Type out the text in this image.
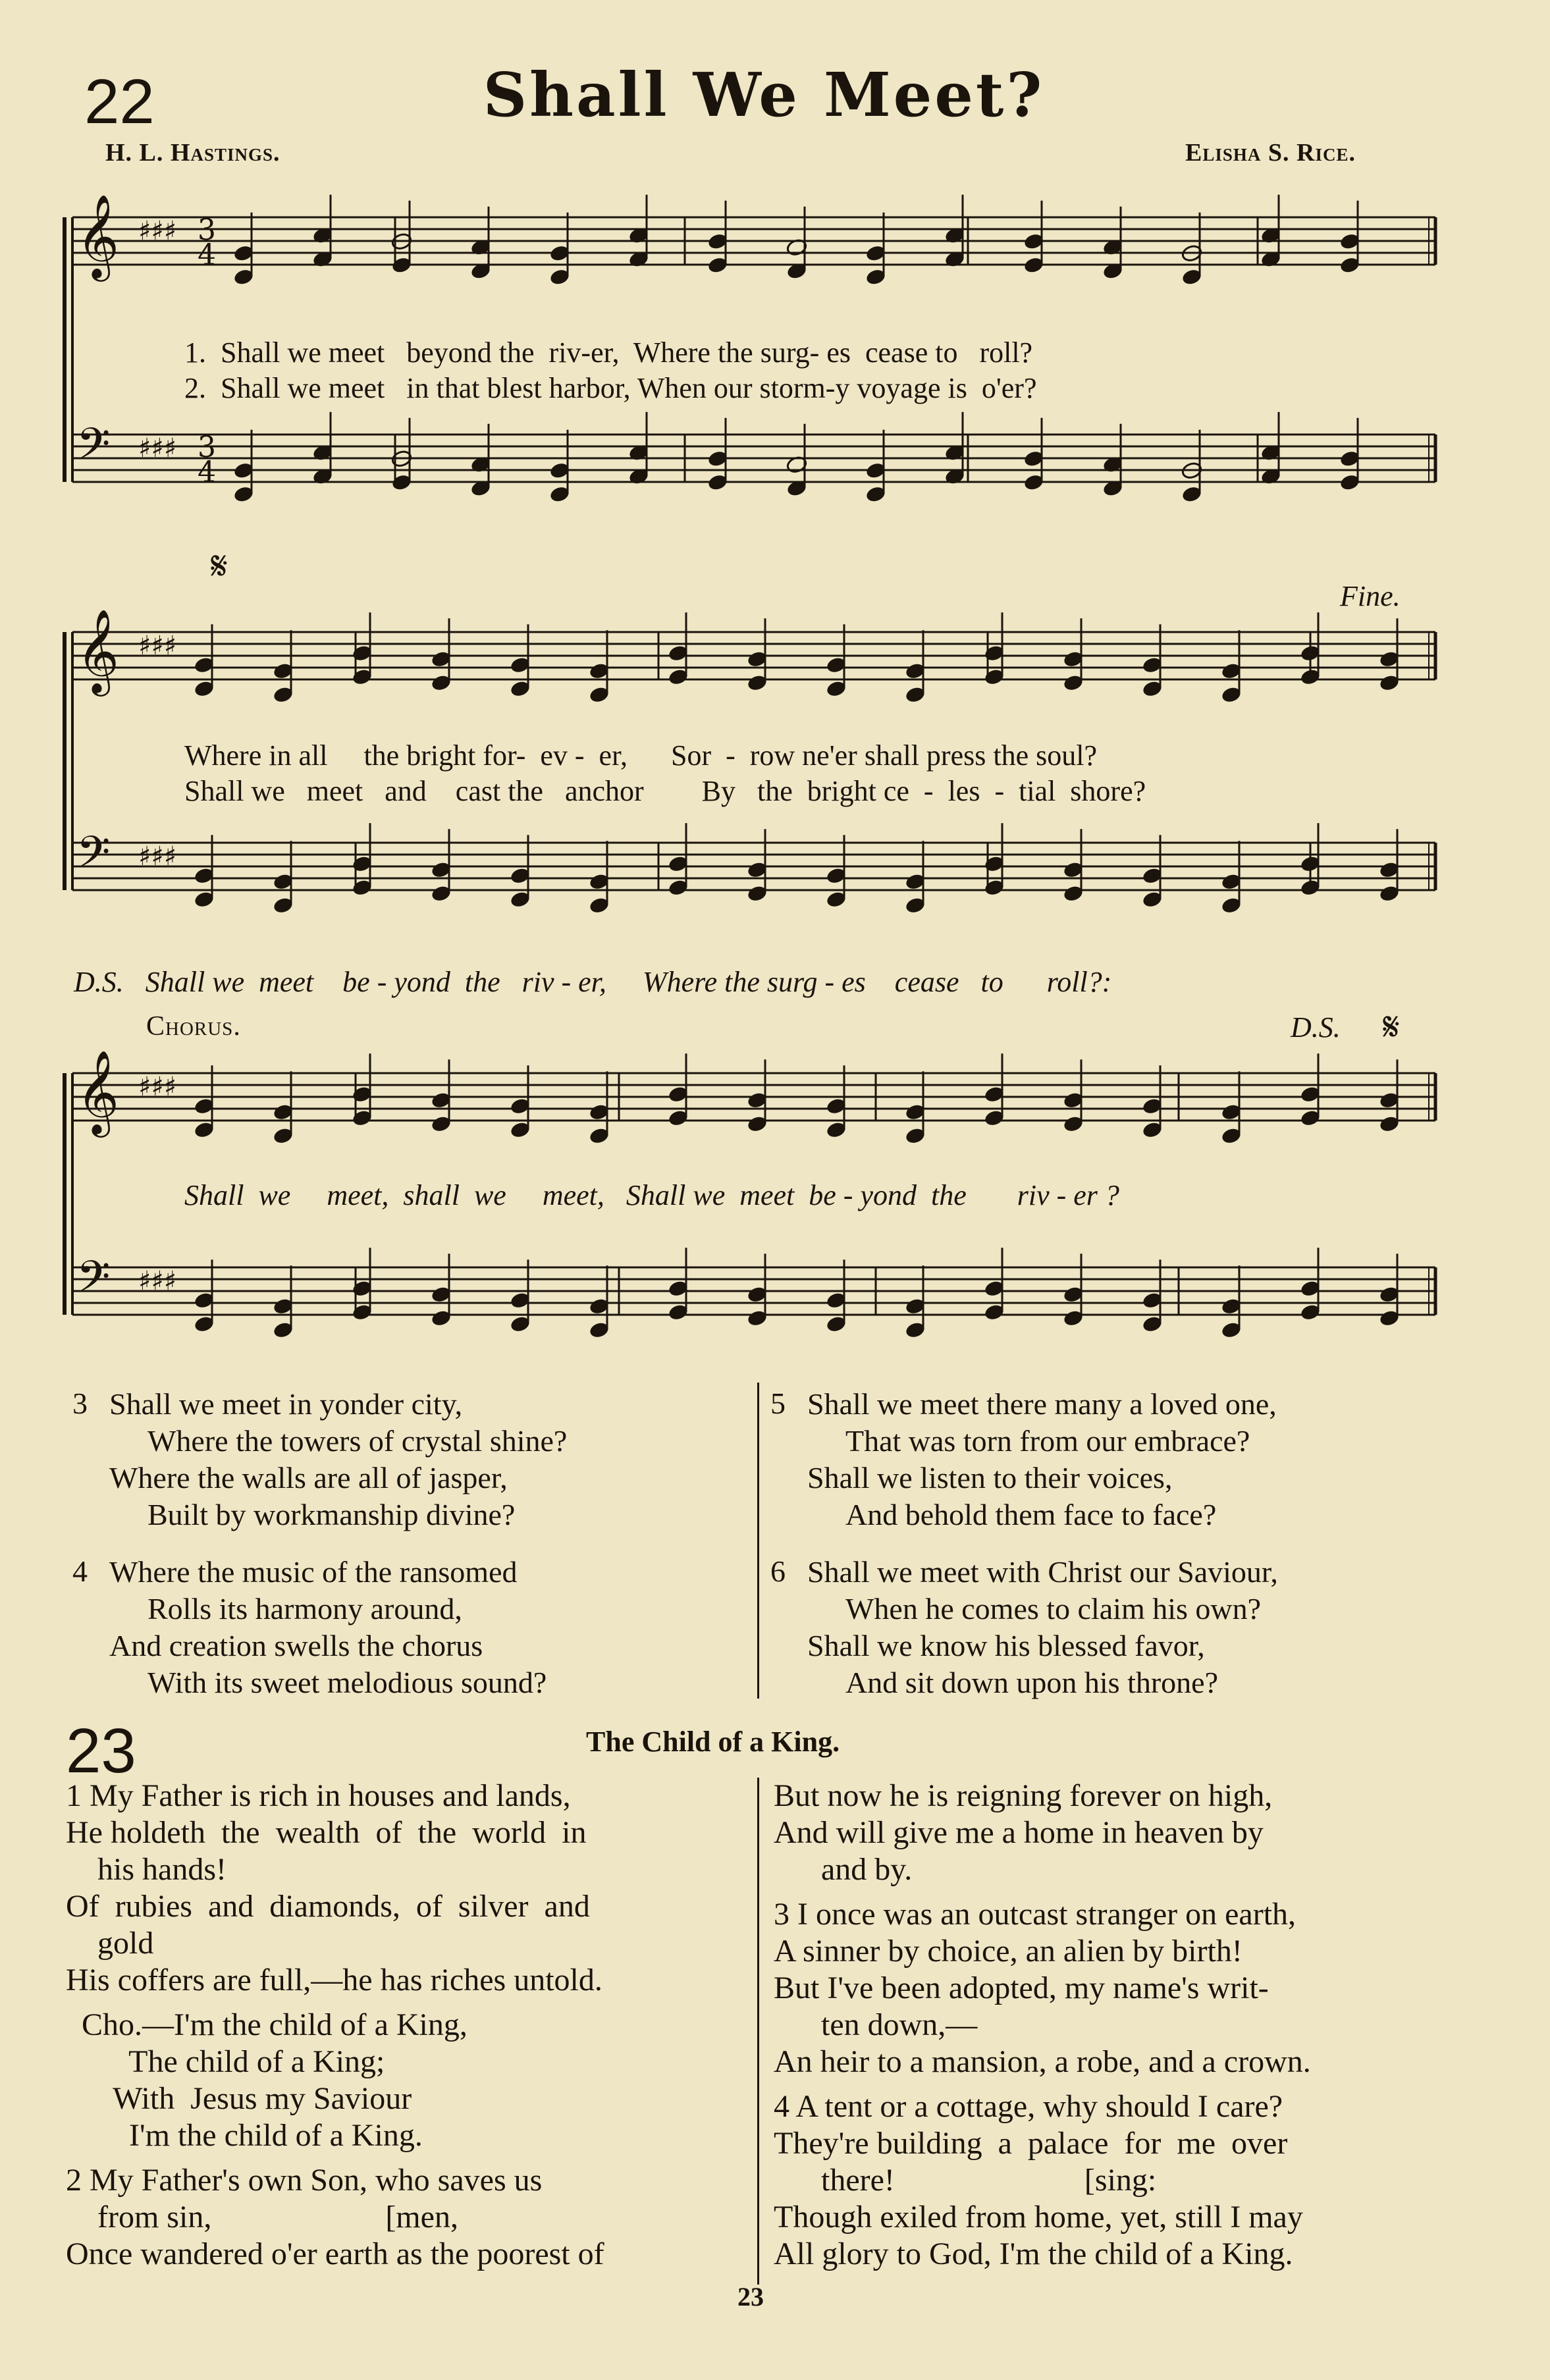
22	Shall We Meet?
H. L. Hastings.	Elisha S. Rice.
𝄞 ♯♯♯ 3
4
𝄢 ♯♯♯ 3
4
𝄞 ♯♯♯
𝄢 ♯♯♯
𝄞 ♯♯♯
𝄢 ♯♯♯
𝄋
𝄋
1.  Shall we meet   beyond the  riv-er,  Where the surg- es  cease to   roll?
2.  Shall we meet   in that blest harbor, When our storm-y voyage is  o'er?
Fine.
Where in all     the bright for-  ev -  er,      Sor  -  row ne'er shall press the soul?
Shall we   meet   and    cast the   anchor        By   the  bright ce  -  les  -  tial  shore?
D.S.   Shall we  meet    be - yond  the   riv - er,     Where the surg - es    cease   to      roll?:
Chorus.	D.S.
Shall  we     meet,  shall  we     meet,   Shall we  meet  be - yond  the       riv - er ?
3 Shall we meet in yonder city,
Where the towers of crystal shine?
Where the walls are all of jasper,
Built by workmanship divine?
4 Where the music of the ransomed
Rolls its harmony around,
And creation swells the chorus
With its sweet melodious sound?
5 Shall we meet there many a loved one,
That was torn from our embrace?
Shall we listen to their voices,
And behold them face to face?
6 Shall we meet with Christ our Saviour,
When he comes to claim his own?
Shall we know his blessed favor,
And sit down upon his throne?
23	The Child of a King.
1 My Father is rich in houses and lands,
He holdeth  the  wealth  of  the  world  in
his hands!
Of  rubies  and  diamonds,  of  silver  and
gold
His coffers are full,—he has riches untold.
Cho.—I'm the child of a King,
The child of a King;
With  Jesus my Saviour
I'm the child of a King.
2 My Father's own Son, who saves us
from sin,                      [men,
Once wandered o'er earth as the poorest of
But now he is reigning forever on high,
And will give me a home in heaven by
and by.
3 I once was an outcast stranger on earth,
A sinner by choice, an alien by birth!
But I've been adopted, my name's writ-
ten down,—
An heir to a mansion, a robe, and a crown.
4 A tent or a cottage, why should I care?
They're building  a  palace  for  me  over
there!                        [sing:
Though exiled from home, yet, still I may
All glory to God, I'm the child of a King.
23
